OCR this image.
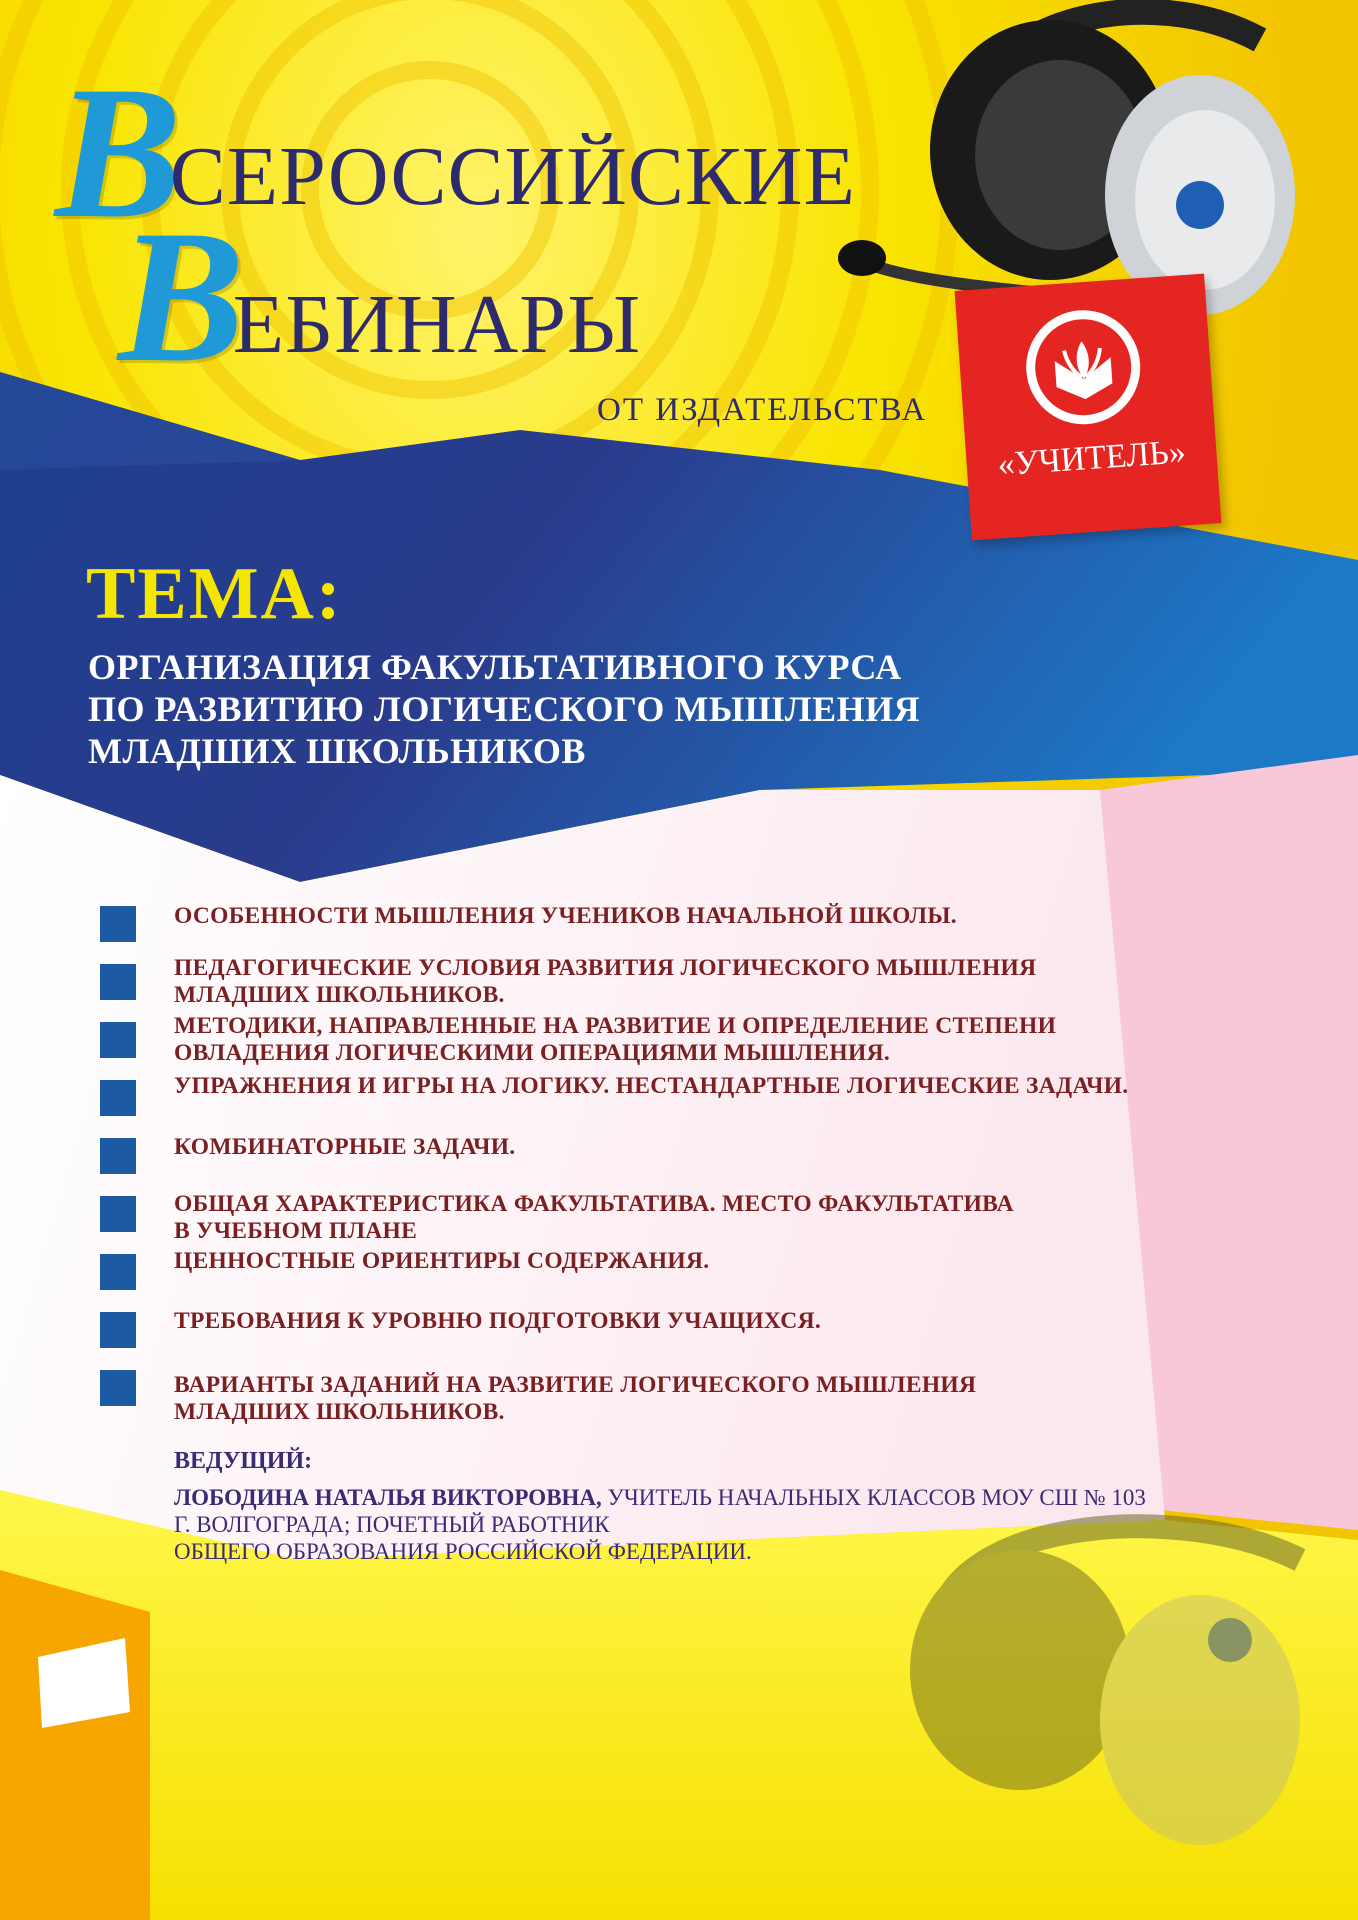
ВСЕРОССИЙСКИЕ
ВЕБИНАРЫ
ОТ ИЗДАТЕЛЬСТВА
«УЧИТЕЛЬ»
ТЕМА:
ОРГАНИЗАЦИЯ ФАКУЛЬТАТИВНОГО КУРСА
ПО РАЗВИТИЮ ЛОГИЧЕСКОГО МЫШЛЕНИЯ
МЛАДШИХ ШКОЛЬНИКОВ
ОСОБЕННОСТИ МЫШЛЕНИЯ УЧЕНИКОВ НАЧАЛЬНОЙ ШКОЛЫ.
ПЕДАГОГИЧЕСКИЕ УСЛОВИЯ РАЗВИТИЯ ЛОГИЧЕСКОГО МЫШЛЕНИЯ
МЛАДШИХ ШКОЛЬНИКОВ.
МЕТОДИКИ, НАПРАВЛЕННЫЕ НА РАЗВИТИЕ И ОПРЕДЕЛЕНИЕ СТЕПЕНИ
ОВЛАДЕНИЯ ЛОГИЧЕСКИМИ ОПЕРАЦИЯМИ МЫШЛЕНИЯ.
УПРАЖНЕНИЯ И ИГРЫ НА ЛОГИКУ. НЕСТАНДАРТНЫЕ ЛОГИЧЕСКИЕ ЗАДАЧИ.
КОМБИНАТОРНЫЕ ЗАДАЧИ.
ОБЩАЯ ХАРАКТЕРИСТИКА ФАКУЛЬТАТИВА. МЕСТО ФАКУЛЬТАТИВА
В УЧЕБНОМ ПЛАНЕ
ЦЕННОСТНЫЕ ОРИЕНТИРЫ СОДЕРЖАНИЯ.
ТРЕБОВАНИЯ К УРОВНЮ ПОДГОТОВКИ УЧАЩИХСЯ.
ВАРИАНТЫ ЗАДАНИЙ НА РАЗВИТИЕ ЛОГИЧЕСКОГО МЫШЛЕНИЯ
МЛАДШИХ ШКОЛЬНИКОВ.
ВЕДУЩИЙ:
ЛОБОДИНА НАТАЛЬЯ ВИКТОРОВНА, УЧИТЕЛЬ НАЧАЛЬНЫХ КЛАССОВ МОУ СШ № 103
Г. ВОЛГОГРАДА; ПОЧЕТНЫЙ РАБОТНИК
ОБЩЕГО ОБРАЗОВАНИЯ РОССИЙСКОЙ ФЕДЕРАЦИИ.
